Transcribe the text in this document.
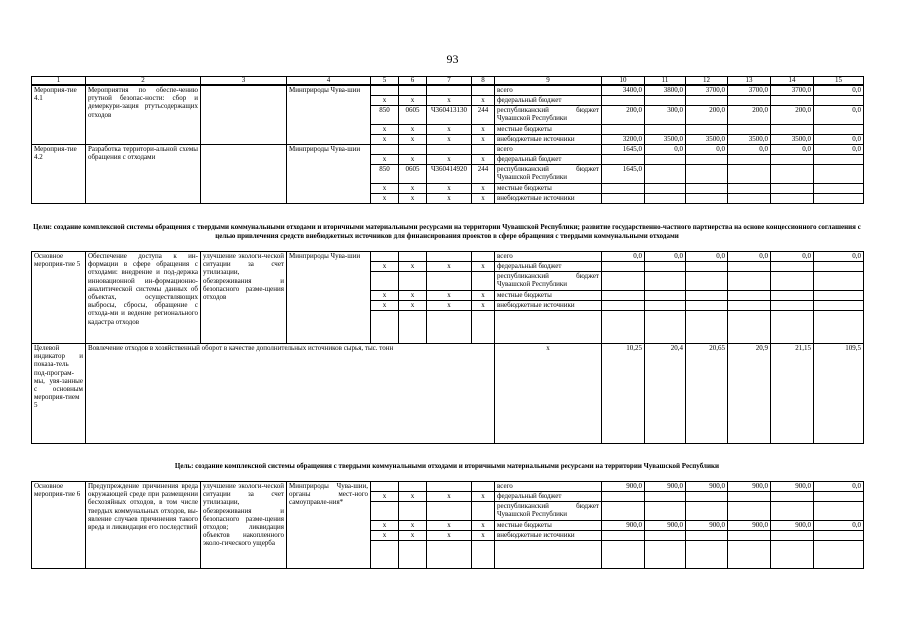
93
1	2	3	4	5	6	7	8	9	10	11	12	13	14	15
Мероприя-тие 4.1	Мероприятия по обеспе-чению ртутной безопас-ности: сбор и демеркури-зация ртутьсодержащих отходов		Минприроды Чува-шии					всего	3400,0	3800,0	3700,0	3700,0	3700,0	0,0
				х	х	х	х	федеральный бюджет						
				850	0605	Ч360413130	244	республиканский бюджет Чувашской Республики	200,0	300,0	200,0	200,0	200,0	0,0
				х	х	х	х	местные бюджеты						
				х	х	х	х	внебюджетные источники	3200,0	3500,0	3500,0	3500,0	3500,0	0,0
Мероприя-тие 4.2	Разработка территори-альной схемы обращения с отходами		Минприроды Чува-шии					всего	1645,0	0,0	0,0	0,0	0,0	0,0
				х	х	х	х	федеральный бюджет						
				850	0605	Ч360414920	244	республиканский бюджет Чувашской Республики	1645,0					
				х	х	х	х	местные бюджеты						
				х	х	х	х	внебюджетные источники						
Цели: создание комплексной системы обращения с твердыми коммунальными отходами и вторичными материальными ресурсами на территории Чувашской Республики; развитие государственно-частного партнерства на основе концессионного соглашения с целью привлечения средств внебюджетных источников для финансирования проектов в сфере обращения с твердыми коммунальными отходами
Основное мероприя-тие 5	Обеспечение доступа к ин-формации в сфере обращения с отходами: внедрение и под-держка инновационной ин-формационно-аналитической системы данных об объектах, осуществляющих выбросы, сбросы, обращение с отхода-ми и ведение регионального кадастра отходов	улучшение экологи-ческой ситуации за счет утилизации, обезвреживания и безопасного разме-щения отходов	Минприроды Чува-шии					всего	0,0	0,0	0,0	0,0	0,0	0,0
				х	х	х	х	федеральный бюджет						
								республиканский бюджет Чувашской Республики						
				х	х	х	х	местные бюджеты						
				х	х	х	х	внебюджетные источники						

Целевой индикатор и показа-тель под-програм-мы, увя-занные с основным мероприя-тием 5	Вовлечение отходов в хозяйственный оборот в качестве дополнительных источников сырья, тыс. тонн							х	10,25	20,4	20,65	20,9	21,15	109,5
Цель: создание комплексной системы обращения с твердыми коммунальными отходами и вторичными материальными ресурсами на территории Чувашской Республики
Основное мероприя-тие 6	Предупреждение причинения вреда окружающей среде при размещении бесхозяйных отходов, в том числе твердых коммунальных отходов, вы-явление случаев причинения такого вреда и ликвидация его последствий	улучшение экологи-ческой ситуации за счет утилизации, обезвреживания и безопасного разме-щения отходов; ликвидация объектов накопленного эколо-гического ущерба	Минприроды Чува-шии, органы мест-ного самоуправле-ния*					всего	900,0	900,0	900,0	900,0	900,0	0,0
				х	х	х	х	федеральный бюджет						
								республиканский бюджет Чувашской Республики						
				х	х	х	х	местные бюджеты	900,0	900,0	900,0	900,0	900,0	0,0
				х	х	х	х	внебюджетные источники						
